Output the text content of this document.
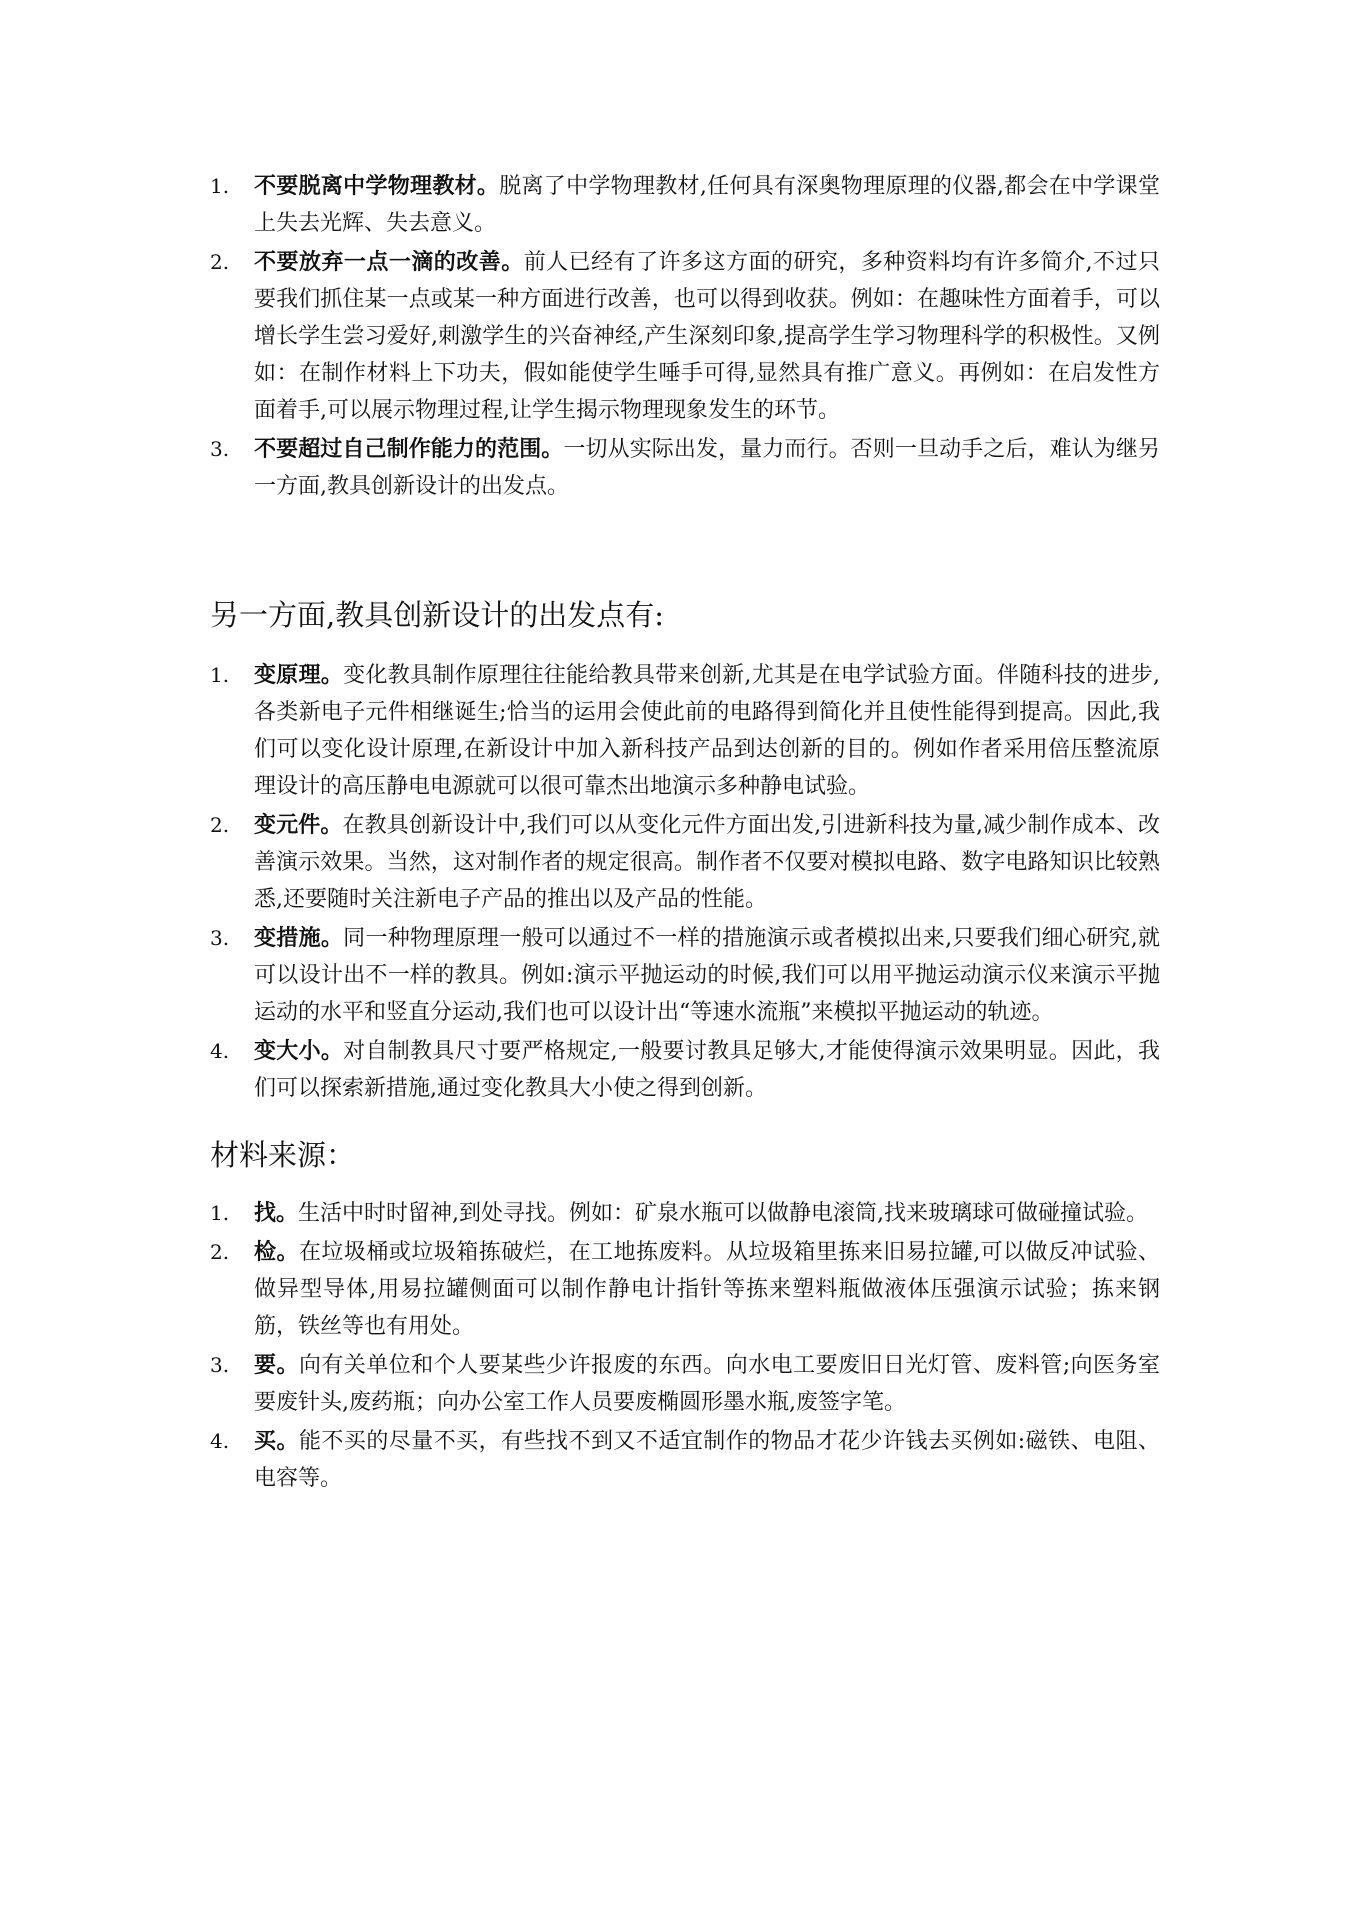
1.	不要脱离中学物理教材。脱离了中学物理教材,任何具有深奥物理原理的仪器,都会在中学课堂上失去光辉、失去意义。
2.	不要放弃一点一滴的改善。前人已经有了许多这方面的研究，多种资料均有许多简介,不过只要我们抓住某一点或某一种方面进行改善，也可以得到收获。例如：在趣味性方面着手，可以增长学生尝习爱好,刺激学生的兴奋神经,产生深刻印象,提高学生学习物理科学的积极性。又例如：在制作材料上下功夫，假如能使学生唾手可得,显然具有推广意义。再例如：在启发性方面着手,可以展示物理过程,让学生揭示物理现象发生的环节。
3.	不要超过自己制作能力的范围。一切从实际出发，量力而行。否则一旦动手之后，难认为继另一方面,教具创新设计的出发点。
另一方面,教具创新设计的出发点有:
1.	变原理。变化教具制作原理往往能给教具带来创新,尤其是在电学试验方面。伴随科技的进步,各类新电子元件相继诞生;恰当的运用会使此前的电路得到简化并且使性能得到提高。因此,我们可以变化设计原理,在新设计中加入新科技产品到达创新的目的。例如作者采用倍压整流原理设计的高压静电电源就可以很可靠杰出地演示多种静电试验。
2.	变元件。在教具创新设计中,我们可以从变化元件方面出发,引进新科技为量,减少制作成本、改善演示效果。当然，这对制作者的规定很高。制作者不仅要对模拟电路、数字电路知识比较熟悉,还要随时关注新电子产品的推出以及产品的性能。
3.	变措施。同一种物理原理一般可以通过不一样的措施演示或者模拟出来,只要我们细心研究,就可以设计出不一样的教具。例如:演示平抛运动的时候,我们可以用平抛运动演示仪来演示平抛运动的水平和竖直分运动,我们也可以设计出“等速水流瓶”来模拟平抛运动的轨迹。
4.	变大小。对自制教具尺寸要严格规定,一般要讨教具足够大,才能使得演示效果明显。因此，我们可以探索新措施,通过变化教具大小使之得到创新。
材料来源：
1.	找。生活中时时留神,到处寻找。例如：矿泉水瓶可以做静电滚筒,找来玻璃球可做碰撞试验。
2.	检。在垃圾桶或垃圾箱拣破烂，在工地拣废料。从垃圾箱里拣来旧易拉罐,可以做反冲试验、做异型导体,用易拉罐侧面可以制作静电计指针等拣来塑料瓶做液体压强演示试验；拣来钢筋，铁丝等也有用处。
3.	要。向有关单位和个人要某些少许报废的东西。向水电工要废旧日光灯管、废料管;向医务室要废针头,废药瓶；向办公室工作人员要废椭圆形墨水瓶,废签字笔。
4.	买。能不买的尽量不买，有些找不到又不适宜制作的物品才花少许钱去买例如:磁铁、电阻、电容等。
